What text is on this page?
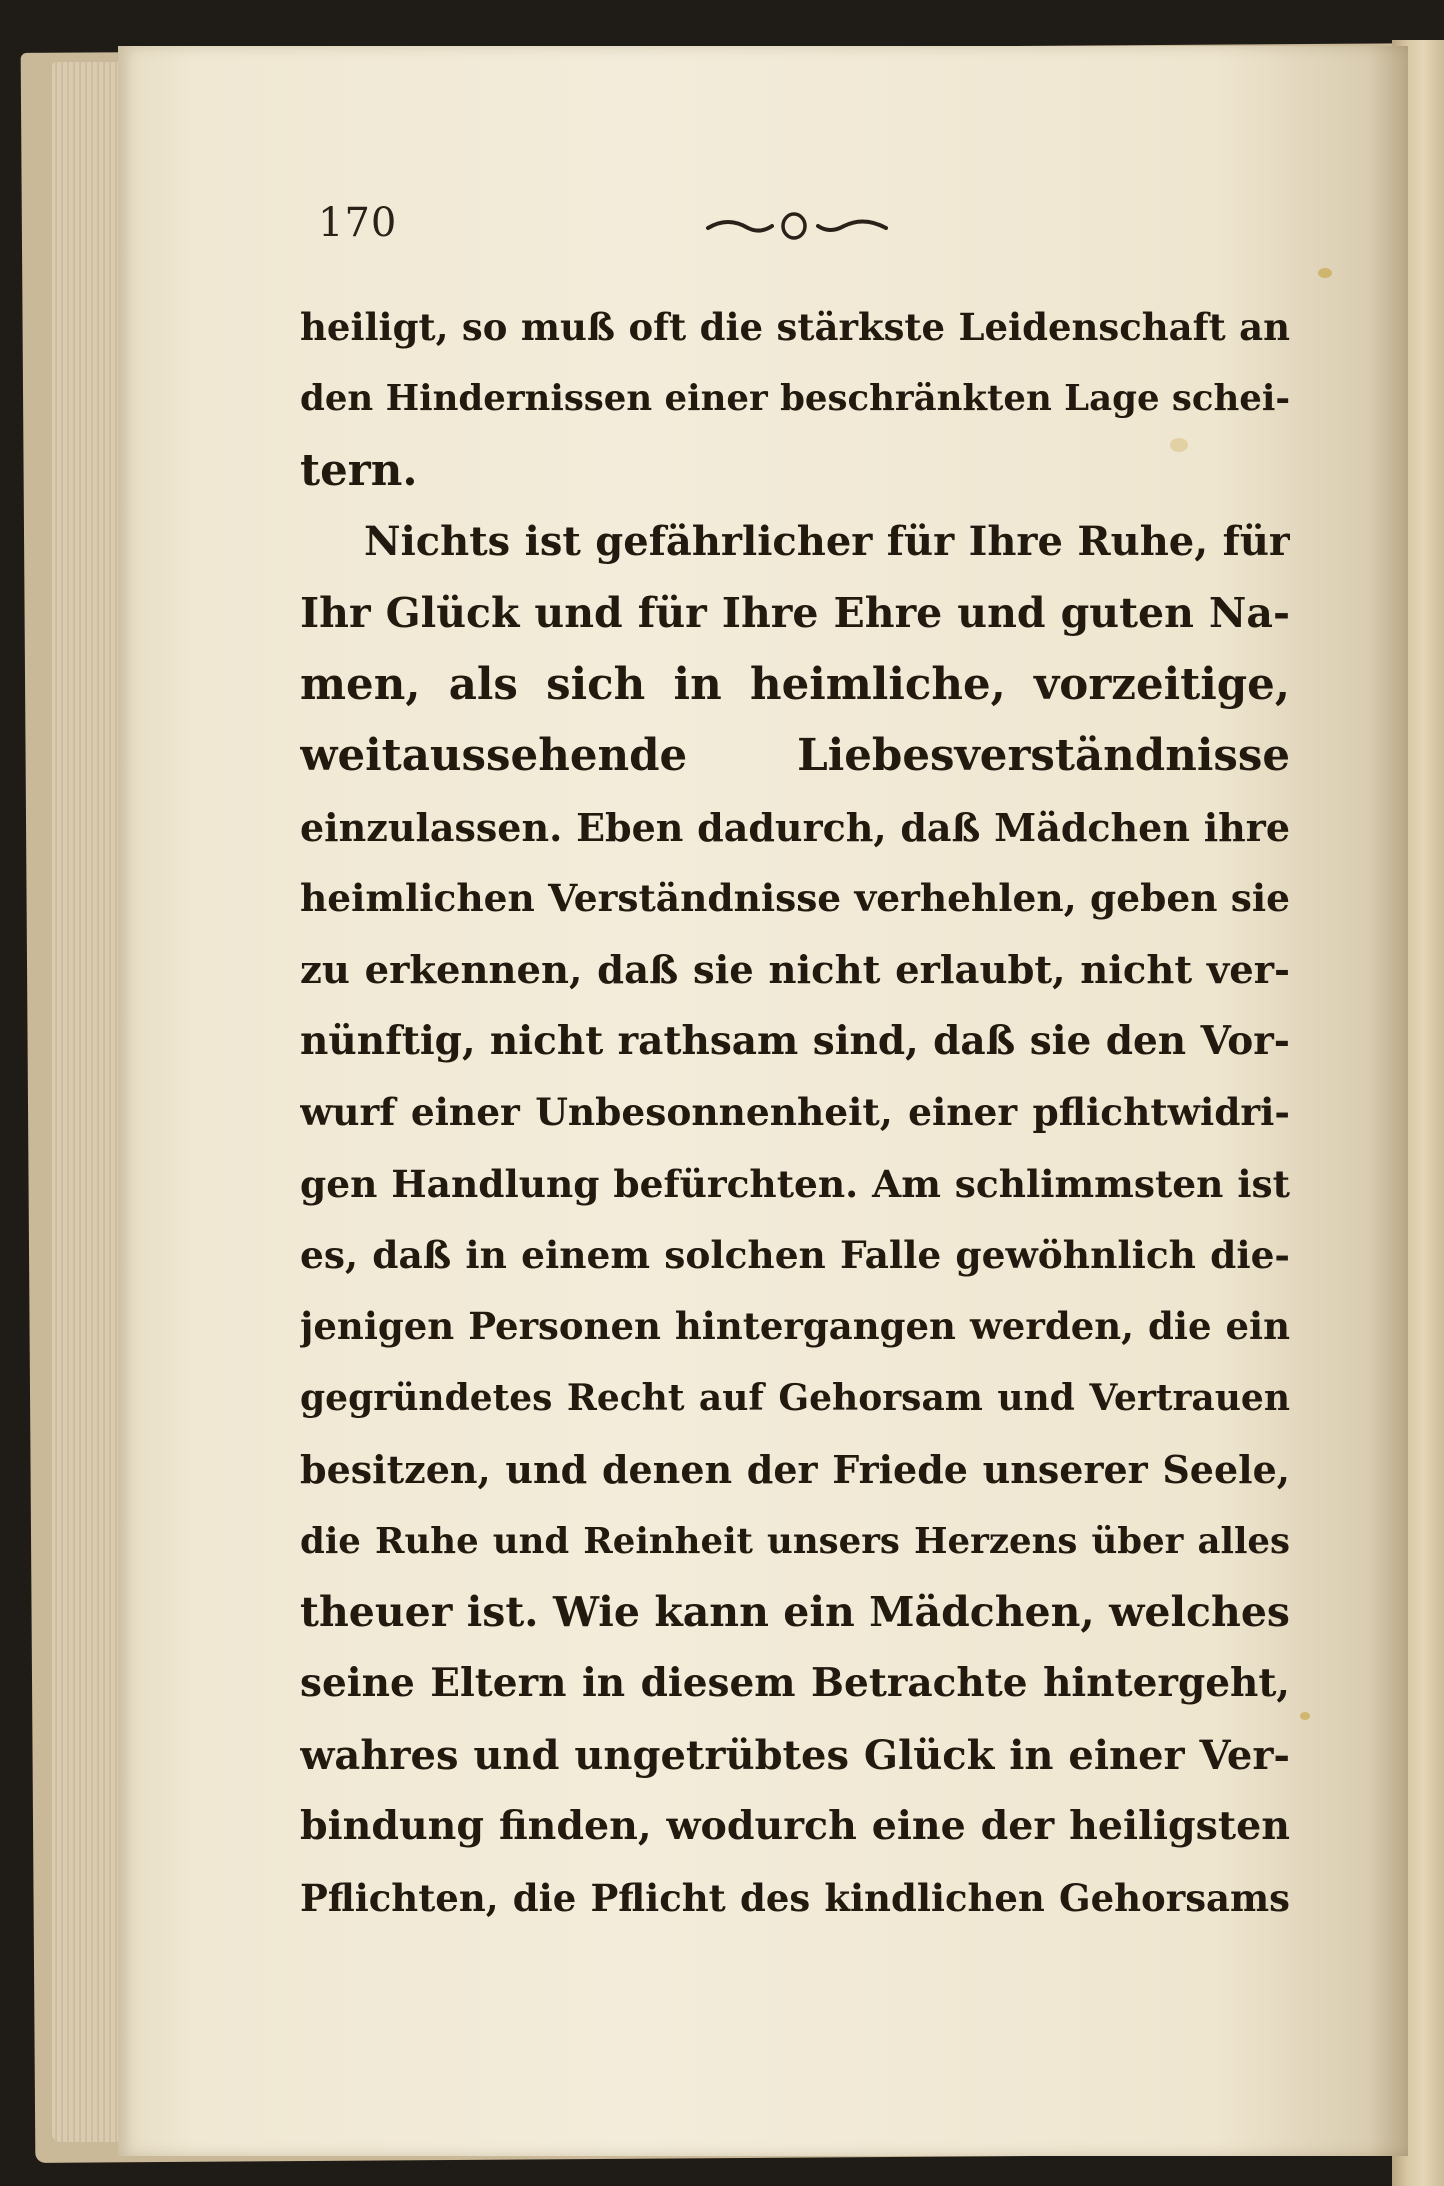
170
heiligt, so muß oft die stärkste Leidenschaft an
den Hindernissen einer beschränkten Lage schei-
tern.
Nichts ist gefährlicher für Ihre Ruhe, für
Ihr Glück und für Ihre Ehre und guten Na-
men, als sich in heimliche, vorzeitige,
weitaussehende Liebesverständnisse
einzulassen. Eben dadurch, daß Mädchen ihre
heimlichen Verständnisse verhehlen, geben sie
zu erkennen, daß sie nicht erlaubt, nicht ver-
nünftig, nicht rathsam sind, daß sie den Vor-
wurf einer Unbesonnenheit, einer pflichtwidri-
gen Handlung befürchten. Am schlimmsten ist
es, daß in einem solchen Falle gewöhnlich die-
jenigen Personen hintergangen werden, die ein
gegründetes Recht auf Gehorsam und Vertrauen
besitzen, und denen der Friede unserer Seele,
die Ruhe und Reinheit unsers Herzens über alles
theuer ist. Wie kann ein Mädchen, welches
seine Eltern in diesem Betrachte hintergeht,
wahres und ungetrübtes Glück in einer Ver-
bindung finden, wodurch eine der heiligsten
Pflichten, die Pflicht des kindlichen Gehorsams
